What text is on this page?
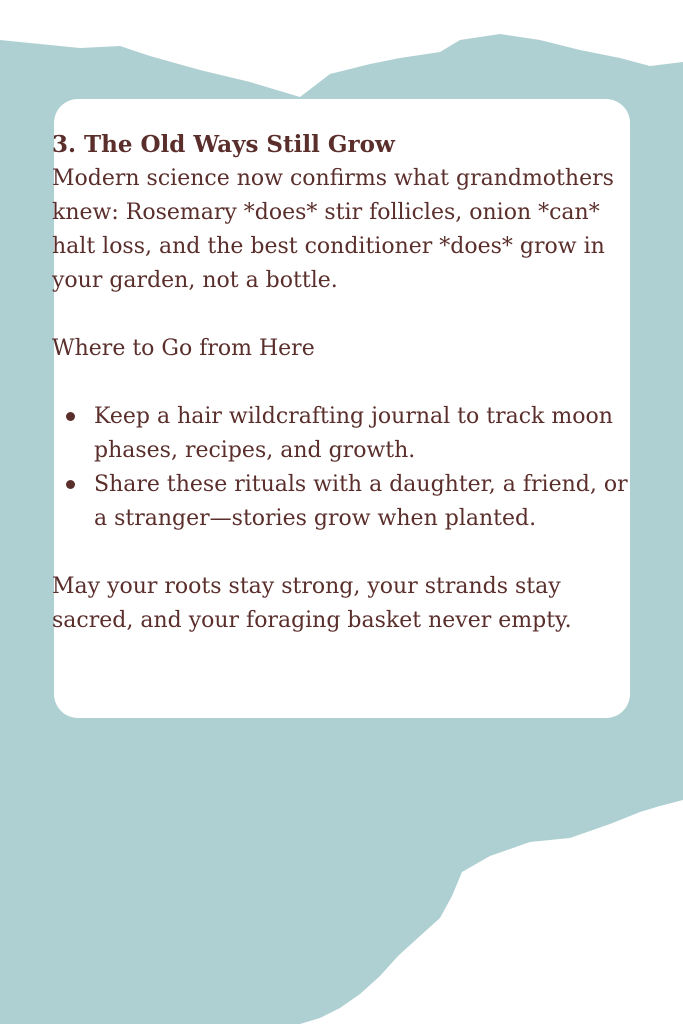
3. The Old Ways Still Grow

Modern science now confirms what grandmothers knew: Rosemary *does* stir follicles, onion *can* halt loss, and the best conditioner *does* grow in your garden, not a bottle.

Where to Go from Here

Keep a hair wildcrafting journal to track moon phases, recipes, and growth.
Share these rituals with a daughter, a friend, or a stranger—stories grow when planted.

May your roots stay strong, your strands stay sacred, and your foraging basket never empty.
